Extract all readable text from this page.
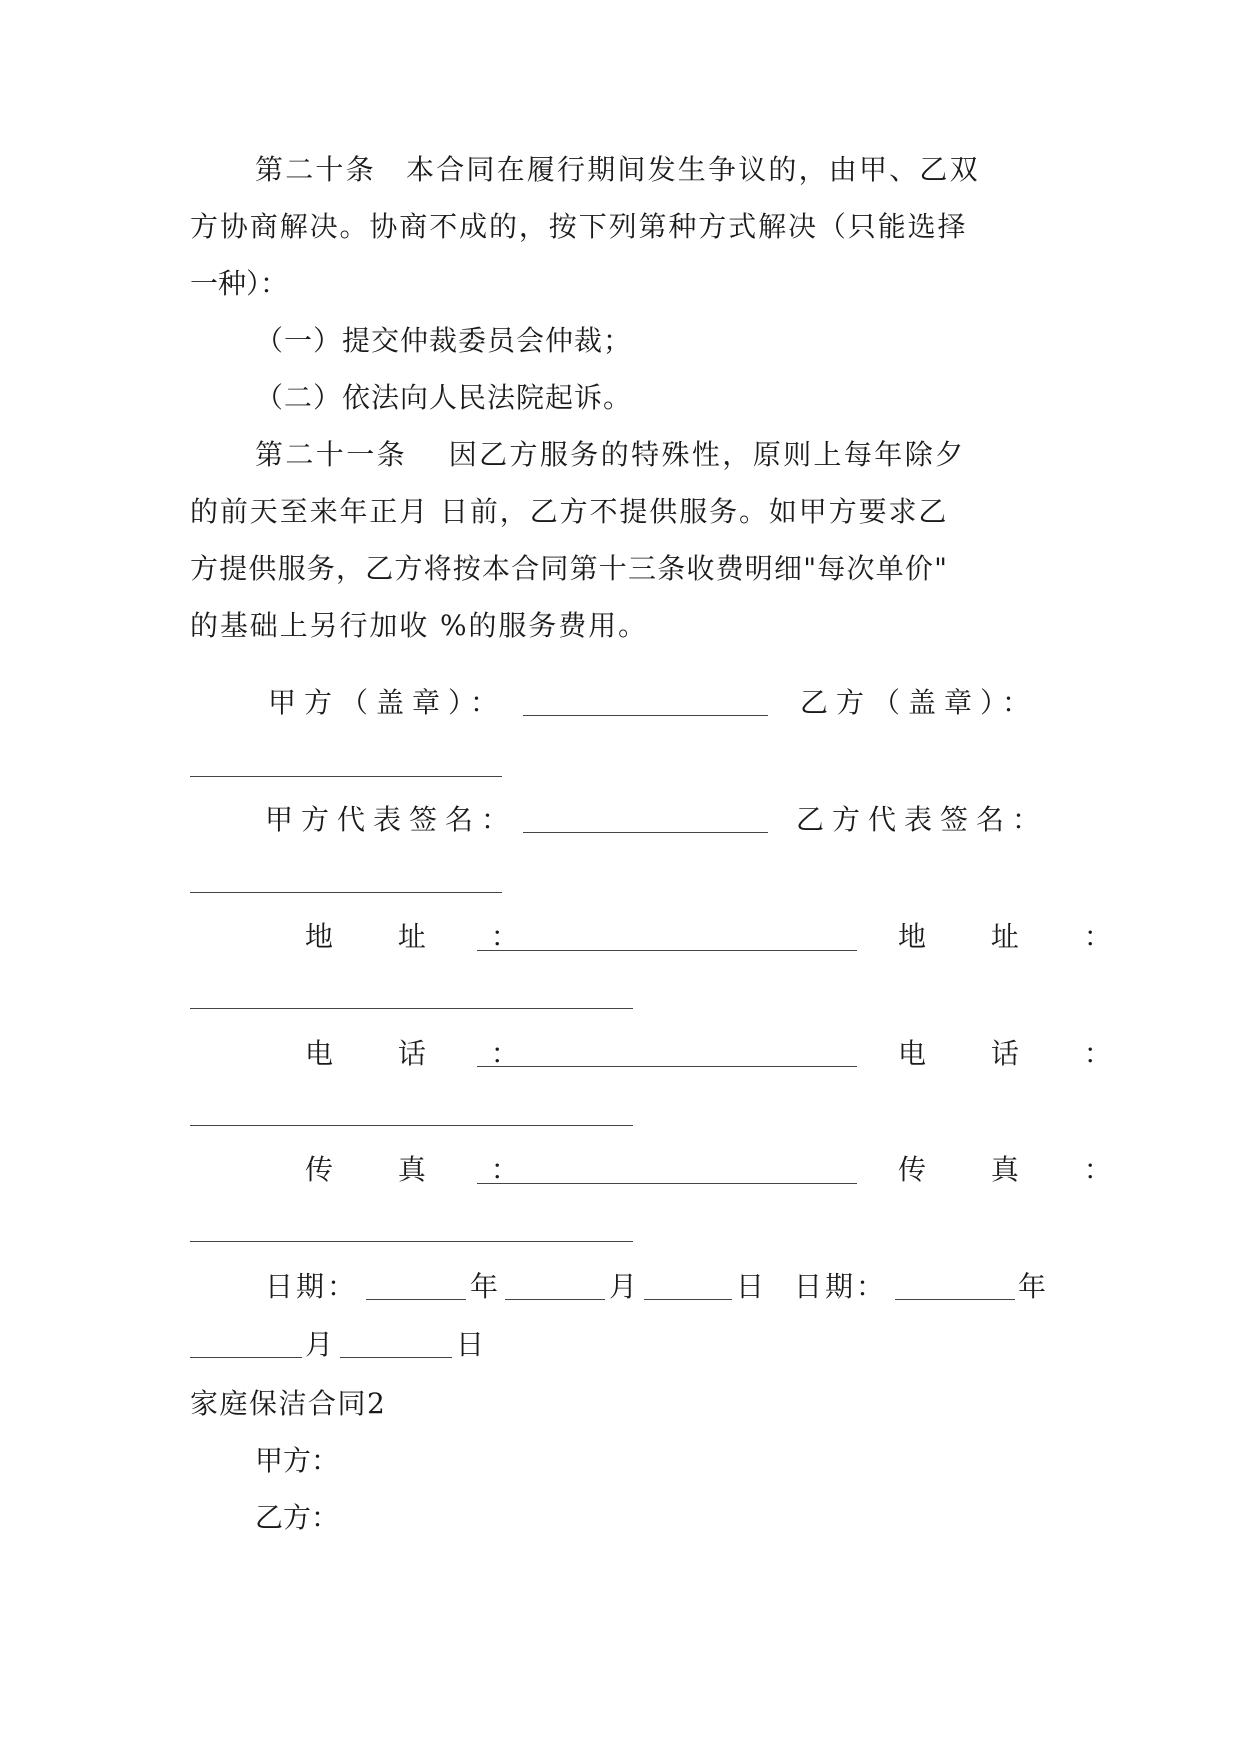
第二十条　本合同在履行期间发生争议的，由甲、乙双
方协商解决。协商不成的，按下列第种方式解决（只能选择
一种）：
（一）提交仲裁委员会仲裁；
（二）依法向人民法院起诉。
第二十一条　 因乙方服务的特殊性，原则上每年除夕
的前天至来年正月 日前，乙方不提供服务。如甲方要求乙
方提供服务，乙方将按本合同第十三条收费明细"每次单价"
的基础上另行加收 %的服务费用。
甲方（盖章）：	乙方（盖章）：
甲方代表签名：	乙方代表签名：
地 址 ：	地 址 ：
电 话 ：	电 话 ：
传 真 ：	传 真 ：
日期：	年	月	日 日期：	年
月	日
家庭保洁合同2
甲方：
乙方：
